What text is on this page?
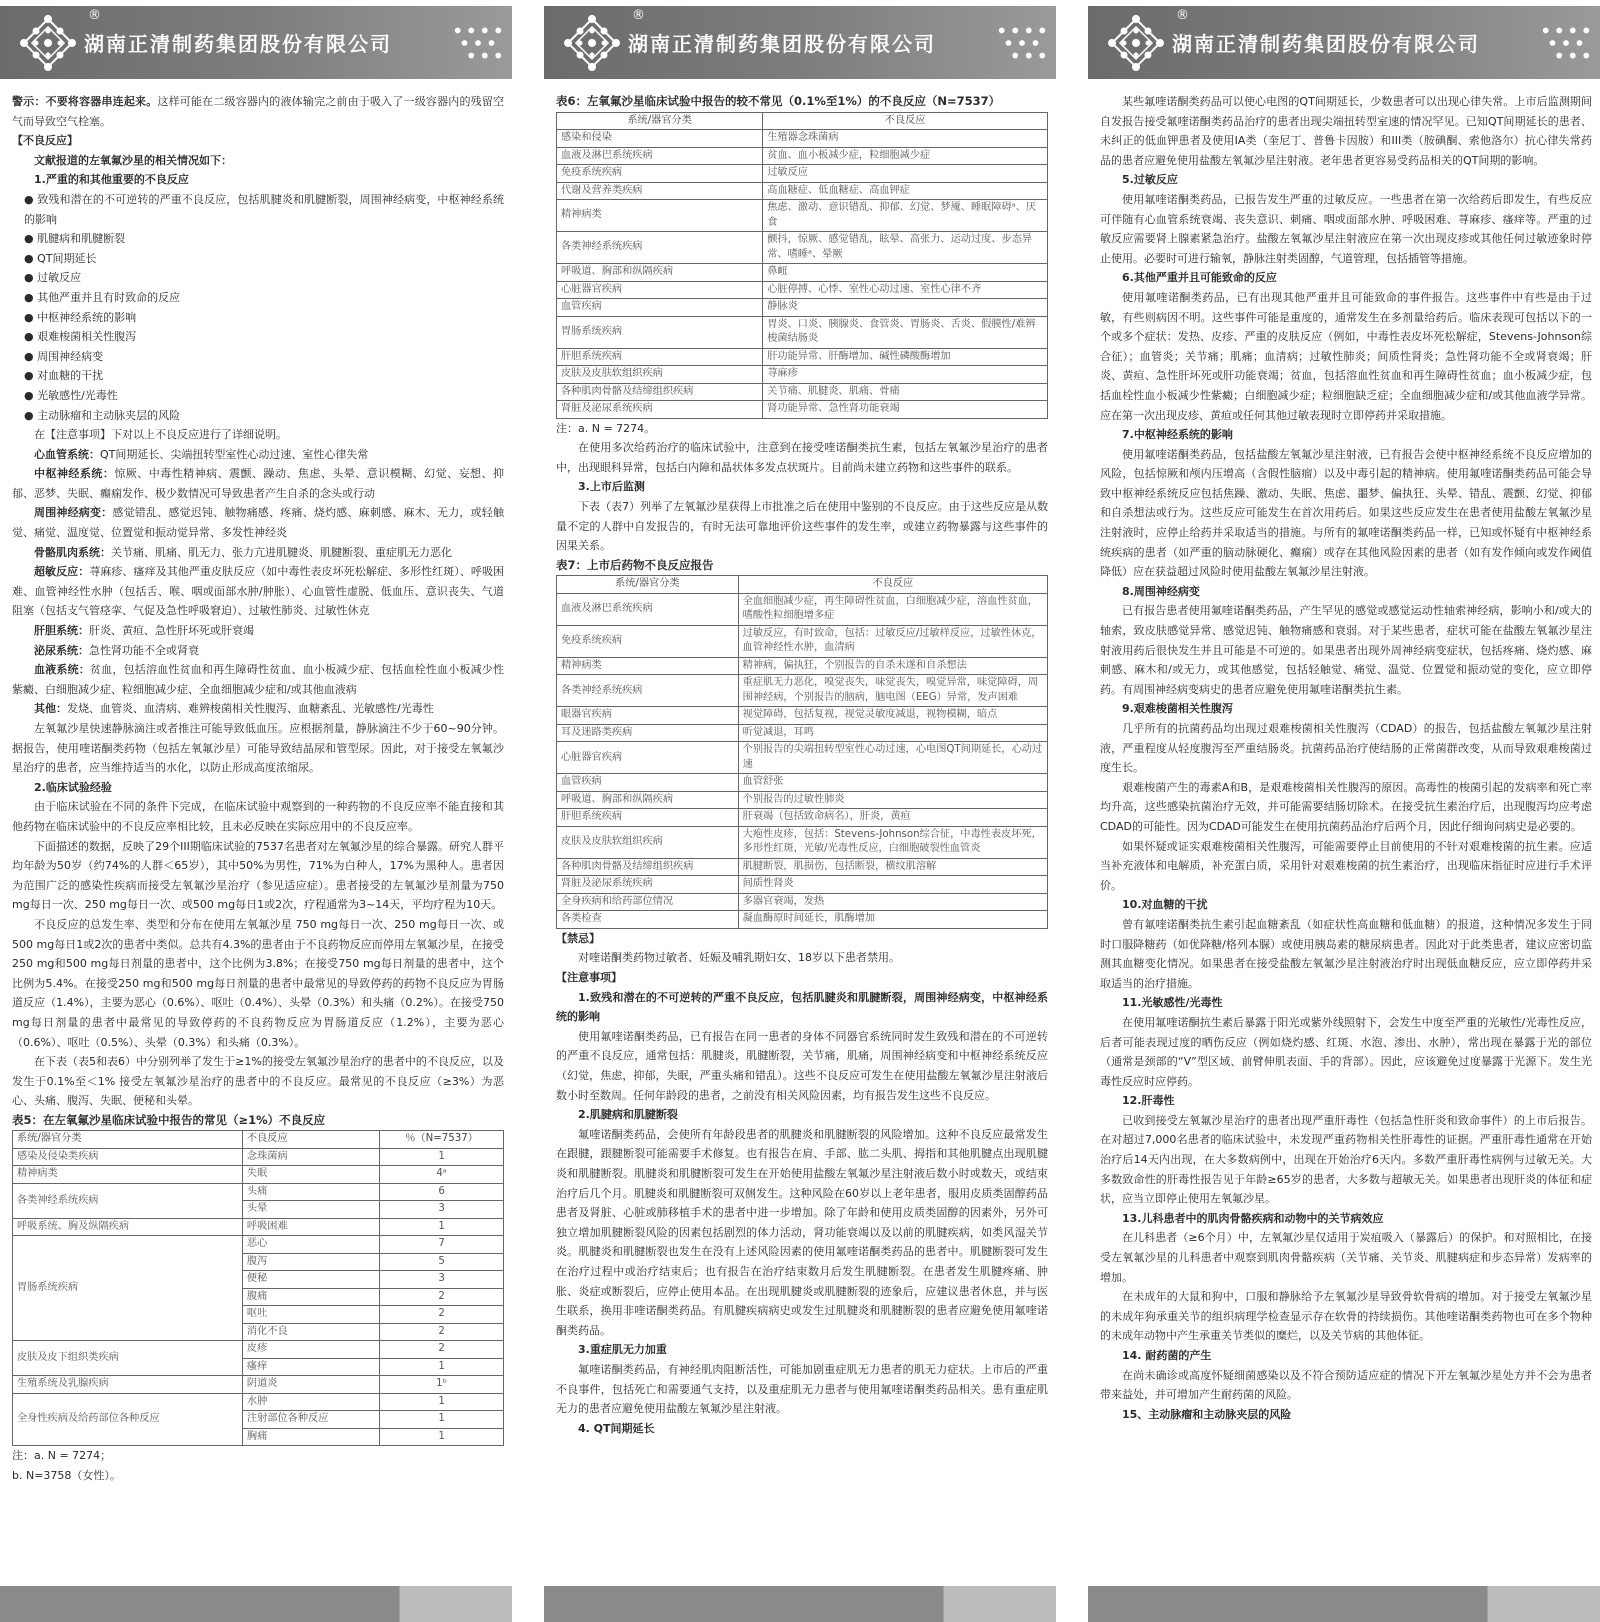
®
湖南正清制药集团股份有限公司

警示：不要将容器串连起来。这样可能在二级容器内的液体输完之前由于吸入了一级容器内的残留空气而导致空气栓塞。

【不良反应】

文献报道的左氧氟沙星的相关情况如下：

1.严重的和其他重要的不良反应

● 致残和潜在的不可逆转的严重不良反应，包括肌腱炎和肌腱断裂，周围神经病变，中枢神经系统的影响

● 肌腱病和肌腱断裂

● QT间期延长

● 过敏反应

● 其他严重并且有时致命的反应

● 中枢神经系统的影响

● 艰难梭菌相关性腹泻

● 周围神经病变

● 对血糖的干扰

● 光敏感性/光毒性

● 主动脉瘤和主动脉夹层的风险

在【注意事项】下对以上不良反应进行了详细说明。

心血管系统：QT间期延长、尖端扭转型室性心动过速、室性心律失常

中枢神经系统：惊厥、中毒性精神病、震颤、躁动、焦虑、头晕、意识模糊、幻觉、妄想、抑郁、恶梦、失眠、癫痫发作、极少数情况可导致患者产生自杀的念头或行动

周围神经病变：感觉错乱、感觉迟钝、触物痛感、疼痛、烧灼感、麻刺感、麻木、无力，或轻触觉、痛觉、温度觉、位置觉和振动觉异常、多发性神经炎

骨骼肌肉系统：关节痛、肌痛、肌无力、张力亢进肌腱炎、肌腱断裂、重症肌无力恶化

超敏反应：荨麻疹、瘙痒及其他严重皮肤反应（如中毒性表皮坏死松解症、多形性红斑）、呼吸困难、血管神经性水肿（包括舌、喉、咽或面部水肿/肿胀）、心血管性虚脱、低血压、意识丧失、气道阻塞（包括支气管痉挛、气促及急性呼吸窘迫）、过敏性肺炎、过敏性休克

肝胆系统：肝炎、黄疸、急性肝坏死或肝衰竭

泌尿系统：急性肾功能不全或肾衰

血液系统：贫血，包括溶血性贫血和再生障碍性贫血、血小板减少症、包括血栓性血小板减少性紫癜、白细胞减少症、粒细胞减少症、全血细胞减少症和/或其他血液病

其他：发烧、血管炎、血清病、难辨梭菌相关性腹泻、血糖紊乱、光敏感性/光毒性

左氧氟沙星快速静脉滴注或者推注可能导致低血压。应根据剂量，静脉滴注不少于60~90分钟。据报告，使用喹诺酮类药物（包括左氧氟沙星）可能导致结晶尿和管型尿。因此，对于接受左氧氟沙星治疗的患者，应当维持适当的水化，以防止形成高度浓缩尿。

2.临床试验经验

由于临床试验在不同的条件下完成，在临床试验中观察到的一种药物的不良反应率不能直接和其他药物在临床试验中的不良反应率相比较，且未必反映在实际应用中的不良反应率。

下面描述的数据，反映了29个III期临床试验的7537名患者对左氧氟沙星的综合暴露。研究人群平均年龄为50岁（约74%的人群＜65岁），其中50%为男性，71%为白种人，17%为黑种人。患者因为范围广泛的感染性疾病而接受左氧氟沙星治疗（参见适应症）。患者接受的左氧氟沙星剂量为750 mg每日一次、250 mg每日一次、或500 mg每日1或2次，疗程通常为3~14天，平均疗程为10天。

不良反应的总发生率、类型和分布在使用左氧氟沙星 750 mg每日一次、250 mg每日一次、或500 mg每日1或2次的患者中类似。总共有4.3%的患者由于不良药物反应而停用左氧氟沙星，在接受250 mg和500 mg每日剂量的患者中，这个比例为3.8%；在接受750 mg每日剂量的患者中，这个比例为5.4%。在接受250 mg和500 mg每日剂量的患者中最常见的导致停药的药物不良反应为胃肠道反应（1.4%），主要为恶心（0.6%）、呕吐（0.4%）、头晕（0.3%）和头痛（0.2%）。在接受750 mg每日剂量的患者中最常见的导致停药的不良药物反应为胃肠道反应（1.2%），主要为恶心（0.6%）、呕吐（0.5%）、头晕（0.3%）和头痛（0.3%）。

在下表（表5和表6）中分别列举了发生于≥1%的接受左氧氟沙星治疗的患者中的不良反应，以及发生于0.1%至＜1% 接受左氧氟沙星治疗的患者中的不良反应。最常见的不良反应（≥3%）为恶心、头痛、腹泻、失眠、便秘和头晕。

表5：在左氧氟沙星临床试验中报告的常见（≥1%）不良反应

系统/器官分类	不良反应	％（N=7537）
感染及侵染类疾病	念珠菌病	1
精神病类	失眠	4ᵃ
各类神经系统疾病	头痛	6
	头晕	3
呼吸系统、胸及纵隔疾病	呼吸困难	1
胃肠系统疾病	恶心	7
	腹泻	5
	便秘	3
	腹痛	2
	呕吐	2
	消化不良	2
皮肤及皮下组织类疾病	皮疹	2
	瘙痒	1
生殖系统及乳腺疾病	阴道炎	1ᵇ
全身性疾病及给药部位各种反应	水肿	1
	注射部位各种反应	1
	胸痛	1

注：a. N = 7274；

b. N=3758（女性）。

®
湖南正清制药集团股份有限公司

表6：左氧氟沙星临床试验中报告的较不常见（0.1%至1%）的不良反应（N=7537）

系统/器官分类	不良反应
感染和侵染	生殖器念珠菌病
血液及淋巴系统疾病	贫血、血小板减少症，粒细胞减少症
免疫系统疾病	过敏反应
代谢及营养类疾病	高血糖症、低血糖症、高血钾症
精神病类	焦虑、激动、意识错乱、抑郁、幻觉、梦魇、睡眠障碍ᵃ、厌食
各类神经系统疾病	颤抖，惊厥、感觉错乱，眩晕、高张力、运动过度、步态异常、嗜睡ᵃ、晕厥
呼吸道、胸部和纵隔疾病	鼻衄
心脏器官疾病	心脏停搏、心悸、室性心动过速、室性心律不齐
血管疾病	静脉炎
胃肠系统疾病	胃炎、口炎、胰腺炎、食管炎、胃肠炎、舌炎、假膜性/难辨梭菌结肠炎
肝胆系统疾病	肝功能异常、肝酶增加、碱性磷酸酶增加
皮肤及皮肤软组织疾病	荨麻疹
各种肌肉骨骼及结缔组织疾病	关节痛、肌腱炎、肌痛、骨痛
肾脏及泌尿系统疾病	肾功能异常、急性肾功能衰竭

注：a. N = 7274。

在使用多次给药治疗的临床试验中，注意到在接受喹诺酮类抗生素，包括左氧氟沙星治疗的患者中，出现眼科异常，包括白内障和晶状体多发点状斑片。目前尚未建立药物和这些事件的联系。

3.上市后监测

下表（表7）列举了左氧氟沙星获得上市批准之后在使用中鉴别的不良反应。由于这些反应是从数量不定的人群中自发报告的，有时无法可靠地评价这些事件的发生率，或建立药物暴露与这些事件的因果关系。

表7：上市后药物不良反应报告

系统/器官分类	不良反应
血液及淋巴系统疾病	全血细胞减少症，再生障碍性贫血，白细胞减少症，溶血性贫血，嗜酸性粒细胞增多症
免疫系统疾病	过敏反应，有时致命，包括：过敏反应/过敏样反应，过敏性休克，血管神经性水肿，血清病
精神病类	精神病，偏执狂，个别报告的自杀未遂和自杀想法
各类神经系统疾病	重症肌无力恶化，嗅觉丧失，味觉丧失，嗅觉异常，味觉障碍，周围神经病，个别报告的脑病，脑电图（EEG）异常，发声困难
眼器官疾病	视觉障碍，包括复视，视觉灵敏度减退，视物模糊，暗点
耳及迷路类疾病	听觉减退，耳鸣
心脏器官疾病	个别报告的尖端扭转型室性心动过速，心电图QT间期延长，心动过速
血管疾病	血管舒张
呼吸道、胸部和纵隔疾病	个别报告的过敏性肺炎
肝胆系统疾病	肝衰竭（包括致命病名），肝炎，黄疸
皮肤及皮肤软组织疾病	大疱性皮疹，包括：Stevens-Johnson综合征，中毒性表皮坏死，多形性红斑，光敏/光毒性反应，白细胞破裂性血管炎
各种肌肉骨骼及结缔组织疾病	肌腱断裂，肌损伤，包括断裂，横纹肌溶解
肾脏及泌尿系统疾病	间质性肾炎
全身疾病和给药部位情况	多器官衰竭，发热
各类检查	凝血酶原时间延长，肌酶增加

【禁忌】

对喹诺酮类药物过敏者、妊娠及哺乳期妇女、18岁以下患者禁用。

【注意事项】

1.致残和潜在的不可逆转的严重不良反应，包括肌腱炎和肌腱断裂，周围神经病变，中枢神经系统的影响

使用氟喹诺酮类药品，已有报告在同一患者的身体不同器官系统同时发生致残和潜在的不可逆转的严重不良反应，通常包括：肌腱炎，肌腱断裂，关节痛，肌痛，周围神经病变和中枢神经系统反应（幻觉，焦虑，抑郁，失眠，严重头痛和错乱）。这些不良反应可发生在使用盐酸左氧氟沙星注射液后数小时至数周。任何年龄段的患者，之前没有相关风险因素，均有报告发生这些不良反应。

2.肌腱病和肌腱断裂

氟喹诺酮类药品，会使所有年龄段患者的肌腱炎和肌腱断裂的风险增加。这种不良反应最常发生在跟腱，跟腱断裂可能需要手术修复。也有报告在肩、手部、肱二头肌、拇指和其他肌腱点出现肌腱炎和肌腱断裂。肌腱炎和肌腱断裂可发生在开始使用盐酸左氧氟沙星注射液后数小时或数天，或结束治疗后几个月。肌腱炎和肌腱断裂可双侧发生。这种风险在60岁以上老年患者，服用皮质类固醇药品患者及肾脏、心脏或肺移植手术的患者中进一步增加。除了年龄和使用皮质类固醇的因素外，另外可独立增加肌腱断裂风险的因素包括剧烈的体力活动，肾功能衰竭以及以前的肌腱疾病，如类风湿关节炎。肌腱炎和肌腱断裂也发生在没有上述风险因素的使用氟喹诺酮类药品的患者中。肌腱断裂可发生在治疗过程中或治疗结束后；也有报告在治疗结束数月后发生肌腱断裂。在患者发生肌腱疼痛、肿胀、炎症或断裂后，应停止使用本品。在出现肌腱炎或肌腱断裂的迹象后，应建议患者休息，并与医生联系，换用非喹诺酮类药品。有肌腱疾病病史或发生过肌腱炎和肌腱断裂的患者应避免使用氟喹诺酮类药品。

3.重症肌无力加重

氟喹诺酮类药品，有神经肌肉阻断活性，可能加剧重症肌无力患者的肌无力症状。上市后的严重不良事件，包括死亡和需要通气支持，以及重症肌无力患者与使用氟喹诺酮类药品相关。患有重症肌无力的患者应避免使用盐酸左氧氟沙星注射液。

4. QT间期延长

®
湖南正清制药集团股份有限公司

某些氟喹诺酮类药品可以使心电图的QT间期延长，少数患者可以出现心律失常。上市后监测期间自发报告接受氟喹诺酮类药品治疗的患者出现尖端扭转型室速的情况罕见。已知QT间期延长的患者、未纠正的低血钾患者及使用IA类（奎尼丁、普鲁卡因胺）和III类（胺碘酮、索他洛尔）抗心律失常药品的患者应避免使用盐酸左氧氟沙星注射液。老年患者更容易受药品相关的QT间期的影响。

5.过敏反应

使用氟喹诺酮类药品，已报告发生严重的过敏反应。一些患者在第一次给药后即发生，有些反应可伴随有心血管系统衰竭、丧失意识、刺痛、咽或面部水肿、呼吸困难、荨麻疹、瘙痒等。严重的过敏反应需要肾上腺素紧急治疗。盐酸左氧氟沙星注射液应在第一次出现皮疹或其他任何过敏迹象时停止使用。必要时可进行输氧，静脉注射类固醇，气道管理，包括插管等措施。

6.其他严重并且可能致命的反应

使用氟喹诺酮类药品，已有出现其他严重并且可能致命的事件报告。这些事件中有些是由于过敏，有些则病因不明。这些事件可能是重度的，通常发生在多剂量给药后。临床表现可包括以下的一个或多个症状：发热、皮疹、严重的皮肤反应（例如，中毒性表皮坏死松解症，Stevens-Johnson综合征）；血管炎；关节痛；肌痛；血清病；过敏性肺炎；间质性肾炎；急性肾功能不全或肾衰竭；肝炎、黄疸、急性肝坏死或肝功能衰竭；贫血，包括溶血性贫血和再生障碍性贫血；血小板减少症，包括血栓性血小板减少性紫癜；白细胞减少症；粒细胞缺乏症；全血细胞减少症和/或其他血液学异常。应在第一次出现皮疹、黄疸或任何其他过敏表现时立即停药并采取措施。

7.中枢神经系统的影响

使用氟喹诺酮类药品，包括盐酸左氧氟沙星注射液，已有报告会使中枢神经系统不良反应增加的风险，包括惊厥和颅内压增高（含假性脑瘤）以及中毒引起的精神病。使用氟喹诺酮类药品可能会导致中枢神经系统反应包括焦躁、激动、失眠、焦虑、噩梦、偏执狂、头晕、错乱、震颤、幻觉、抑郁和自杀想法或行为。这些反应可能发生在首次用药后。如果这些反应发生在患者使用盐酸左氧氟沙星注射液时，应停止给药并采取适当的措施。与所有的氟喹诺酮类药品一样，已知或怀疑有中枢神经系统疾病的患者（如严重的脑动脉硬化、癫痫）或存在其他风险因素的患者（如有发作倾向或发作阈值降低）应在获益超过风险时使用盐酸左氧氟沙星注射液。

8.周围神经病变

已有报告患者使用氟喹诺酮类药品，产生罕见的感觉或感觉运动性轴索神经病，影响小和/或大的轴索，致皮肤感觉异常、感觉迟钝、触物痛感和衰弱。对于某些患者，症状可能在盐酸左氧氟沙星注射液用药后很快发生并且可能是不可逆的。如果患者出现外周神经病变症状，包括疼痛、烧灼感、麻刺感、麻木和/或无力，或其他感觉，包括轻触觉、痛觉、温觉、位置觉和振动觉的变化，应立即停药。有周围神经病变病史的患者应避免使用氟喹诺酮类抗生素。

9.艰难梭菌相关性腹泻

几乎所有的抗菌药品均出现过艰难梭菌相关性腹泻（CDAD）的报告，包括盐酸左氧氟沙星注射液，严重程度从轻度腹泻至严重结肠炎。抗菌药品治疗使结肠的正常菌群改变，从而导致艰难梭菌过度生长。

艰难梭菌产生的毒素A和B，是艰难梭菌相关性腹泻的原因。高毒性的梭菌引起的发病率和死亡率均升高，这些感染抗菌治疗无效，并可能需要结肠切除术。在接受抗生素治疗后，出现腹泻均应考虑CDAD的可能性。因为CDAD可能发生在使用抗菌药品治疗后两个月，因此仔细询问病史是必要的。

如果怀疑或证实艰难梭菌相关性腹泻，可能需要停止目前使用的不针对艰难梭菌的抗生素。应适当补充液体和电解质，补充蛋白质，采用针对艰难梭菌的抗生素治疗，出现临床指征时应进行手术评价。

10.对血糖的干扰

曾有氟喹诺酮类抗生素引起血糖紊乱（如症状性高血糖和低血糖）的报道，这种情况多发生于同时口服降糖药（如优降糖/格列本脲）或使用胰岛素的糖尿病患者。因此对于此类患者，建议应密切监测其血糖变化情况。如果患者在接受盐酸左氧氟沙星注射液治疗时出现低血糖反应，应立即停药并采取适当的治疗措施。

11.光敏感性/光毒性

在使用氟喹诺酮抗生素后暴露于阳光或紫外线照射下，会发生中度至严重的光敏性/光毒性反应，后者可能表现过度的晒伤反应（例如烧灼感、红斑、水泡、渗出、水肿），常出现在暴露于光的部位（通常是颈部的“V”型区域、前臂伸肌表面、手的背部）。因此，应该避免过度暴露于光源下。发生光毒性反应时应停药。

12.肝毒性

已收到接受左氧氟沙星治疗的患者出现严重肝毒性（包括急性肝炎和致命事件）的上市后报告。在对超过7,000名患者的临床试验中，未发现严重药物相关性肝毒性的证据。严重肝毒性通常在开始治疗后14天内出现，在大多数病例中，出现在开始治疗6天内。多数严重肝毒性病例与过敏无关。大多数致命性的肝毒性报告见于年龄≥65岁的患者，大多数与超敏无关。如果患者出现肝炎的体征和症状，应当立即停止使用左氧氟沙星。

13.儿科患者中的肌肉骨骼疾病和动物中的关节病效应

在儿科患者（≥6个月）中，左氧氟沙星仅适用于炭疽吸入（暴露后）的保护。和对照相比，在接受左氧氟沙星的儿科患者中观察到肌肉骨骼疾病（关节痛、关节炎、肌腱病症和步态异常）发病率的增加。

在未成年的大鼠和狗中，口服和静脉给予左氧氟沙星导致骨软骨病的增加。对于接受左氧氟沙星的未成年狗承重关节的组织病理学检查显示存在软骨的持续损伤。其他喹诺酮类药物也可在多个物种的未成年动物中产生承重关节类似的糜烂，以及关节病的其他体征。

14. 耐药菌的产生

在尚未确诊或高度怀疑细菌感染以及不符合预防适应症的情况下开左氧氟沙星处方并不会为患者带来益处，并可增加产生耐药菌的风险。

15、主动脉瘤和主动脉夹层的风险
